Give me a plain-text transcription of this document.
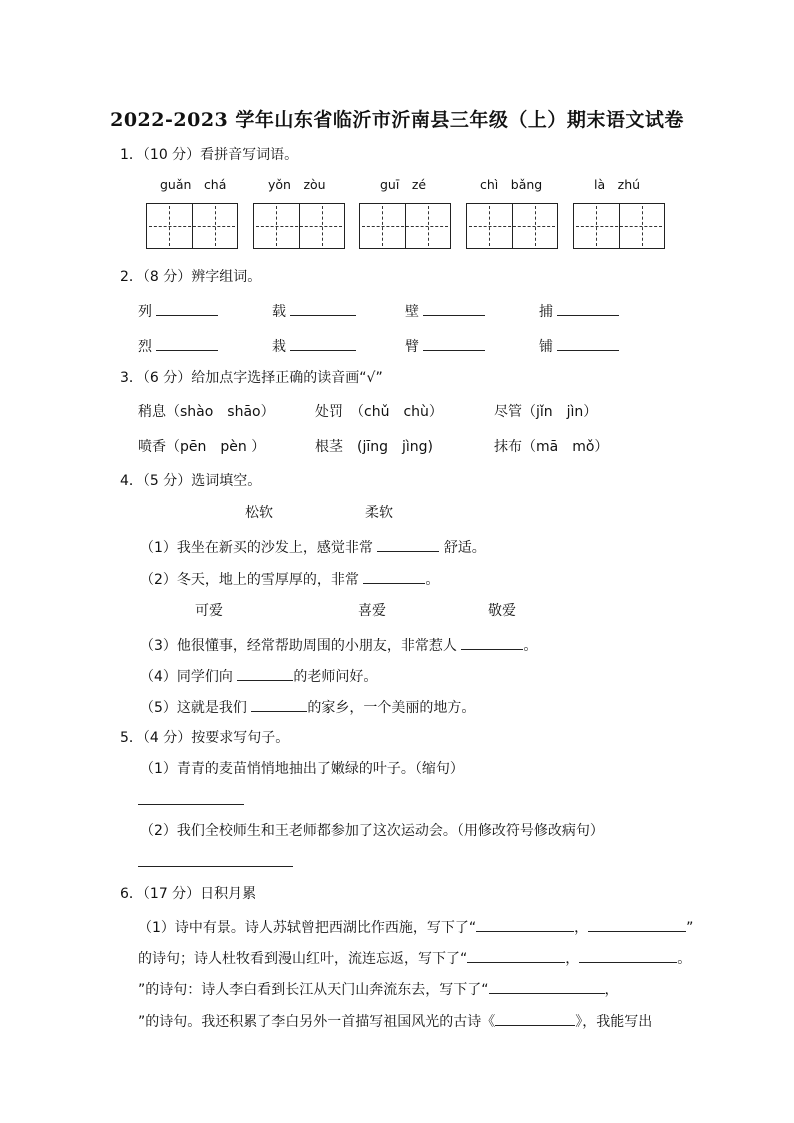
2022-2023 学年山东省临沂市沂南县三年级（上）期末语文试卷
1．（10 分）看拼音写词语。
guǎn　chá	yǒn　zòu	guī　zé	chì　bǎng	là　zhú
2．（8 分）辨字组词。
列	载	壁	捕
烈	栽	臂	铺
3．（6 分）给加点字选择正确的读音画“√”
稍息（shào　shāo）	处罚　（chǔ　chù）	尽管（jǐn　jìn）
喷香（pēn　pèn ）	根茎　(jīng　jìng)	抹布（mā　mǒ）
4．（5 分）选词填空。
松软	柔软
（1）我坐在新买的沙发上，感觉非常	舒适。
（2）冬天，地上的雪厚厚的，非常	。
可爱	喜爱	敬爱
（3）他很懂事，经常帮助周围的小朋友，非常惹人	。
（4）同学们向	的老师问好。
（5）这就是我们	的家乡，一个美丽的地方。
5．（4 分）按要求写句子。
（1）青青的麦苗悄悄地抽出了嫩绿的叶子。（缩句）
（2）我们全校师生和王老师都参加了这次运动会。（用修改符号修改病句）
6．（17 分）日积月累
（1）诗中有景。诗人苏轼曾把西湖比作西施，写下了“	，	”
的诗句；诗人杜牧看到漫山红叶，流连忘返，写下了“	，	。
”的诗句：诗人李白看到长江从天门山奔流东去，写下了“	，
”的诗句。我还积累了李白另外一首描写祖国风光的古诗《	》，我能写出
